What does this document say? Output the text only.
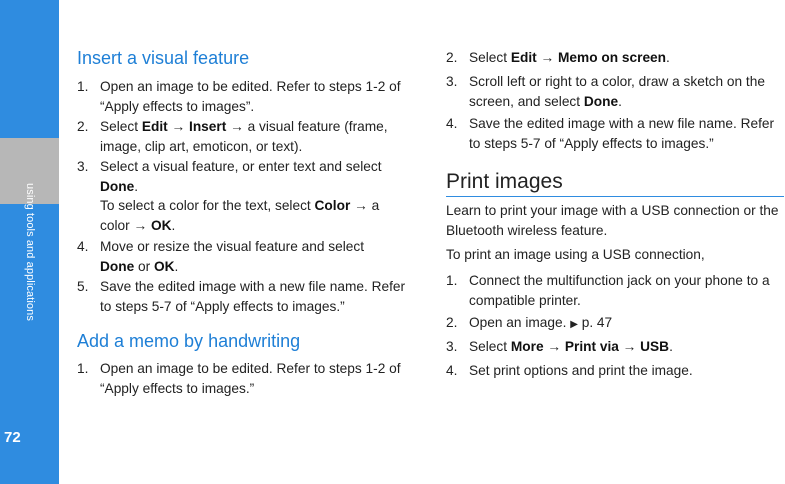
using tools and applications
72
Insert a visual feature
1. Open an image to be edited. Refer to steps 1-2 of “Apply effects to images”.
2. Select Edit → Insert → a visual feature (frame, image, clip art, emoticon, or text).
3. Select a visual feature, or enter text and select Done.
To select a color for the text, select Color → a color → OK.
4. Move or resize the visual feature and select Done or OK.
5. Save the edited image with a new file name. Refer to steps 5-7 of “Apply effects to images.”
Add a memo by handwriting
1. Open an image to be edited. Refer to steps 1-2 of “Apply effects to images.”
2. Select Edit → Memo on screen.
3. Scroll left or right to a color, draw a sketch on the screen, and select Done.
4. Save the edited image with a new file name. Refer to steps 5-7 of “Apply effects to images.”
Print images
Learn to print your image with a USB connection or the Bluetooth wireless feature.
To print an image using a USB connection,
1. Connect the multifunction jack on your phone to a compatible printer.
2. Open an image. ▶ p. 47
3. Select More → Print via → USB.
4. Set print options and print the image.
